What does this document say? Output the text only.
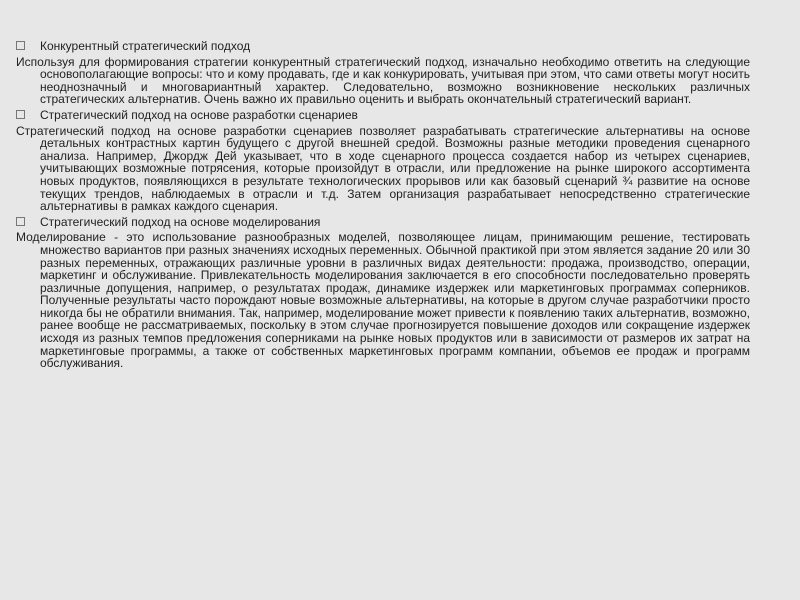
Конкурентный стратегический подход

Используя для формирования стратегии конкурентный стратегический подход, изначально необходимо ответить на следующие основополагающие вопросы: что и кому продавать, где и как конкурировать, учитывая при этом, что сами ответы могут носить неоднозначный и многовариантный характер. Следовательно, возможно возникновение нескольких различных стратегических альтернатив. Очень важно их правильно оценить и выбрать окончательный стратегический вариант.

Стратегический подход на основе разработки сценариев

Стратегический подход на основе разработки сценариев позволяет разрабатывать стратегические альтернативы на основе детальных контрастных картин будущего с другой внешней средой. Возможны разные методики проведения сценарного анализа. Например, Джордж Дей указывает, что в ходе сценарного процесса создается набор из четырех сценариев, учитывающих возможные потрясения, которые произойдут в отрасли, или предложение на рынке широкого ассортимента новых продуктов, появляющихся в результате технологических прорывов или как базовый сценарий ¾ развитие на основе текущих трендов, наблюдаемых в отрасли и т.д. Затем организация разрабатывает непосредственно стратегические альтернативы в рамках каждого сценария.

Стратегический подход на основе моделирования

Моделирование - это использование разнообразных моделей, позволяющее лицам, принимающим решение, тестировать множество вариантов при разных значениях исходных переменных. Обычной практикой при этом является задание 20 или 30 разных переменных, отражающих различные уровни в различных видах деятельности: продажа, производство, операции, маркетинг и обслуживание. Привлекательность моделирования заключается в его способности последовательно проверять различные допущения, например, о результатах продаж, динамике издержек или маркетинговых программах соперников. Полученные результаты часто порождают новые возможные альтернативы, на которые в другом случае разработчики просто никогда бы не обратили внимания. Так, например, моделирование может привести к появлению таких альтернатив, возможно, ранее вообще не рассматриваемых, поскольку в этом случае прогнозируется повышение доходов или сокращение издержек исходя из разных темпов предложения соперниками на рынке новых продуктов или в зависимости от размеров их затрат на маркетинговые программы, а также от собственных маркетинговых программ компании, объемов ее продаж и программ обслуживания.
